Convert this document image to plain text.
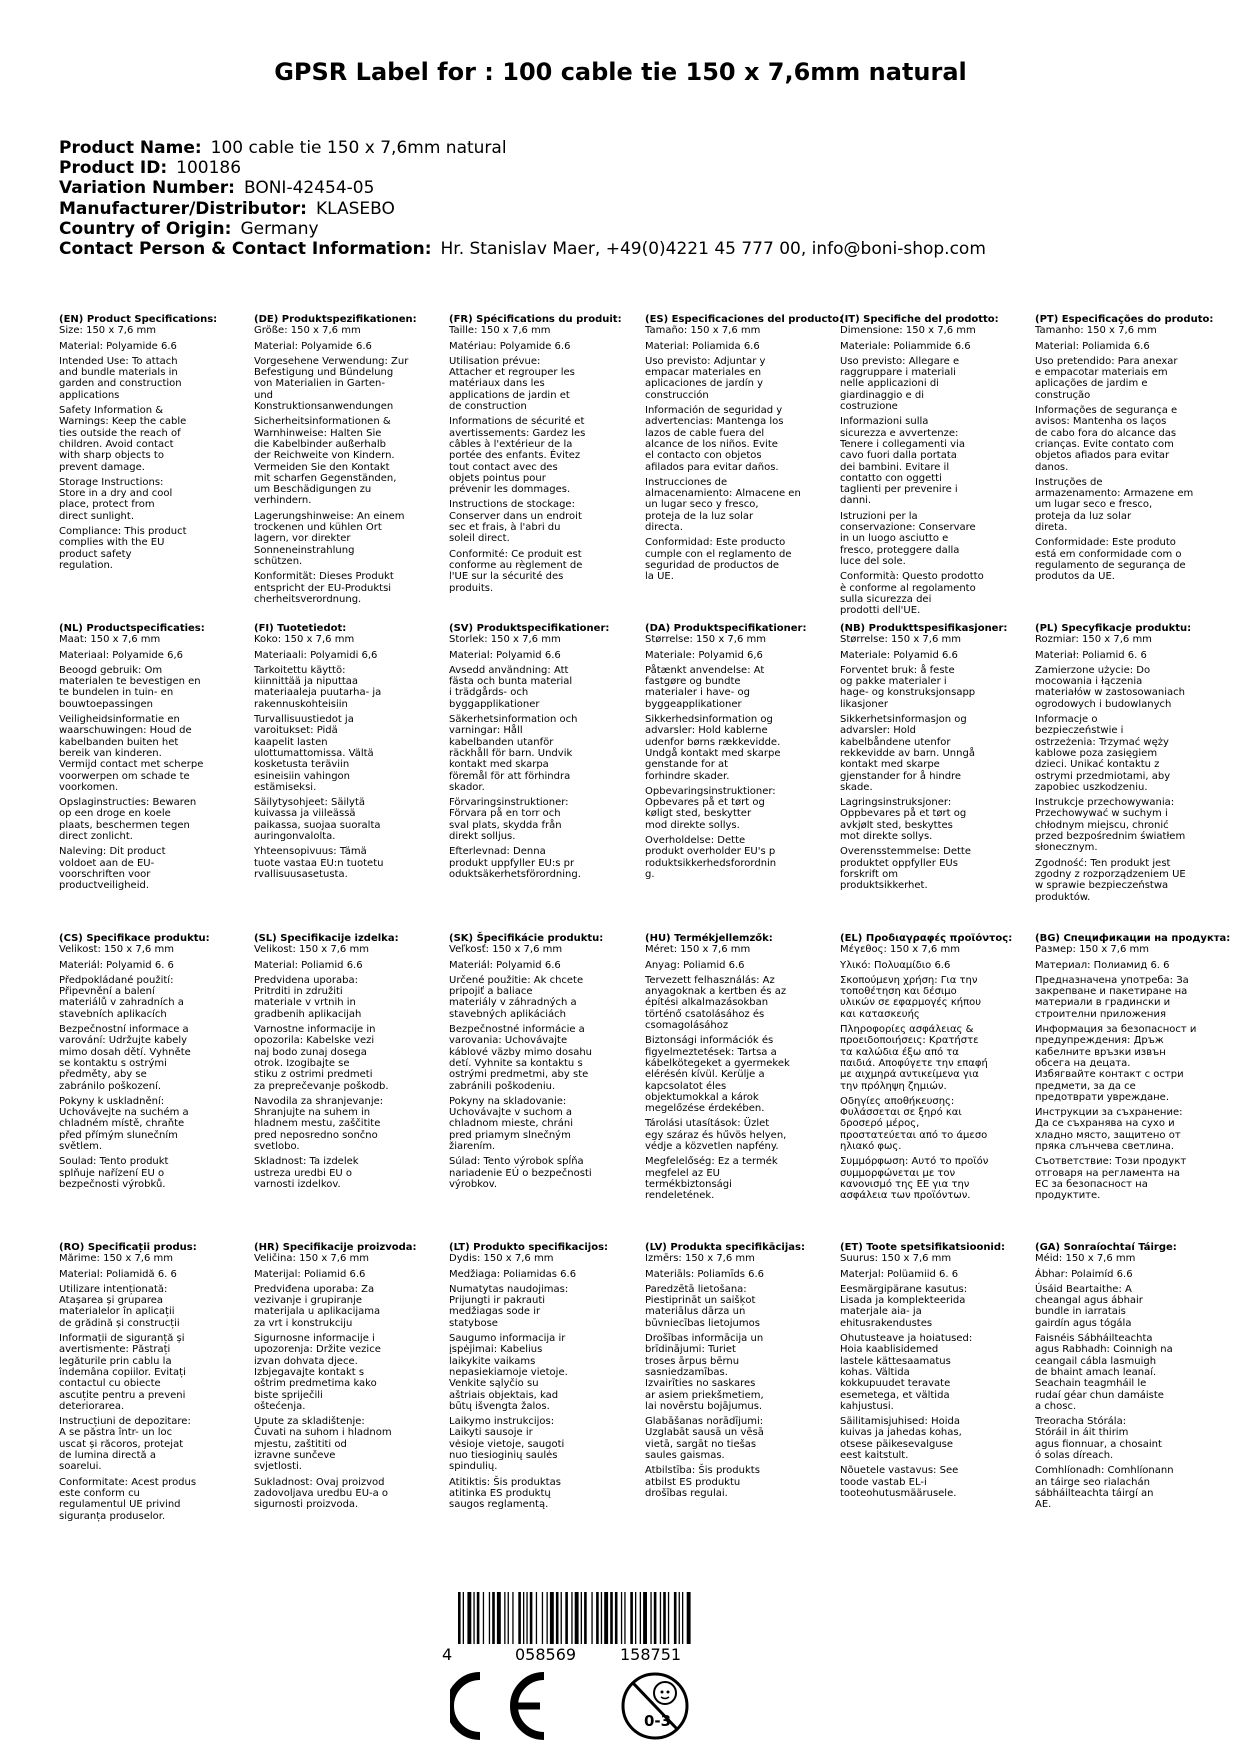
GPSR Label for : 100 cable tie 150 x 7,6mm natural
Product Name: 100 cable tie 150 x 7,6mm natural
Product ID: 100186
Variation Number: BONI-42454-05
Manufacturer/Distributor: KLASEBO
Country of Origin: Germany
Contact Person & Contact Information: Hr. Stanislav Maer, +49(0)4221 45 777 00, info@boni-shop.com
(EN) Product Specifications:
Size: 150 x 7,6 mm

Material: Polyamide 6.6

Intended Use: To attach
and bundle materials in
garden and construction
applications

Safety Information &
Warnings: Keep the cable
ties outside the reach of
children. Avoid contact
with sharp objects to
prevent damage.

Storage Instructions:
Store in a dry and cool
place, protect from
direct sunlight.

Compliance: This product
complies with the EU
product safety
regulation.

(DE) Produktspezifikationen:
Größe: 150 x 7,6 mm

Material: Polyamide 6.6

Vorgesehene Verwendung: Zur
Befestigung und Bündelung
von Materialien in Garten-
und
Konstruktionsanwendungen

Sicherheitsinformationen &
Warnhinweise: Halten Sie
die Kabelbinder außerhalb
der Reichweite von Kindern.
Vermeiden Sie den Kontakt
mit scharfen Gegenständen,
um Beschädigungen zu
verhindern.

Lagerungshinweise: An einem
trockenen und kühlen Ort
lagern, vor direkter
Sonneneinstrahlung
schützen.

Konformität: Dieses Produkt
entspricht der EU-Produktsi
cherheitsverordnung.

(FR) Spécifications du produit:
Taille: 150 x 7,6 mm

Matériau: Polyamide 6.6

Utilisation prévue:
Attacher et regrouper les
matériaux dans les
applications de jardin et
de construction

Informations de sécurité et
avertissements: Gardez les
câbles à l'extérieur de la
portée des enfants. Évitez
tout contact avec des
objets pointus pour
prévenir les dommages.

Instructions de stockage:
Conserver dans un endroit
sec et frais, à l'abri du
soleil direct.

Conformité: Ce produit est
conforme au règlement de
l'UE sur la sécurité des
produits.

(ES) Especificaciones del producto:
Tamaño: 150 x 7,6 mm

Material: Poliamida 6.6

Uso previsto: Adjuntar y
empacar materiales en
aplicaciones de jardín y
construcción

Información de seguridad y
advertencias: Mantenga los
lazos de cable fuera del
alcance de los niños. Evite
el contacto con objetos
afilados para evitar daños.

Instrucciones de
almacenamiento: Almacene en
un lugar seco y fresco,
proteja de la luz solar
directa.

Conformidad: Este producto
cumple con el reglamento de
seguridad de productos de
la UE.

(IT) Specifiche del prodotto:
Dimensione: 150 x 7,6 mm

Materiale: Poliammide 6.6

Uso previsto: Allegare e
raggruppare i materiali
nelle applicazioni di
giardinaggio e di
costruzione

Informazioni sulla
sicurezza e avvertenze:
Tenere i collegamenti via
cavo fuori dalla portata
dei bambini. Evitare il
contatto con oggetti
taglienti per prevenire i
danni.

Istruzioni per la
conservazione: Conservare
in un luogo asciutto e
fresco, proteggere dalla
luce del sole.

Conformità: Questo prodotto
è conforme al regolamento
sulla sicurezza dei
prodotti dell'UE.

(PT) Especificações do produto:
Tamanho: 150 x 7,6 mm

Material: Poliamida 6.6

Uso pretendido: Para anexar
e empacotar materiais em
aplicações de jardim e
construção

Informações de segurança e
avisos: Mantenha os laços
de cabo fora do alcance das
crianças. Evite contato com
objetos afiados para evitar
danos.

Instruções de
armazenamento: Armazene em
um lugar seco e fresco,
proteja da luz solar
direta.

Conformidade: Este produto
está em conformidade com o
regulamento de segurança de
produtos da UE.

(NL) Productspecificaties:
Maat: 150 x 7,6 mm

Materiaal: Polyamide 6,6

Beoogd gebruik: Om
materialen te bevestigen en
te bundelen in tuin- en
bouwtoepassingen

Veiligheidsinformatie en
waarschuwingen: Houd de
kabelbanden buiten het
bereik van kinderen.
Vermijd contact met scherpe
voorwerpen om schade te
voorkomen.

Opslaginstructies: Bewaren
op een droge en koele
plaats, beschermen tegen
direct zonlicht.

Naleving: Dit product
voldoet aan de EU-
voorschriften voor
productveiligheid.

(FI) Tuotetiedot:
Koko: 150 x 7,6 mm

Materiaali: Polyamidi 6,6

Tarkoitettu käyttö:
kiinnittää ja niputtaa
materiaaleja puutarha- ja
rakennuskohteisiin

Turvallisuustiedot ja
varoitukset: Pidä
kaapelit lasten
ulottumattomissa. Vältä
kosketusta teräviin
esineisiin vahingon
estämiseksi.

Säilytysohjeet: Säilytä
kuivassa ja viileässä
paikassa, suojaa suoralta
auringonvalolta.

Yhteensopivuus: Tämä
tuote vastaa EU:n tuotetu
rvallisuusasetusta.

(SV) Produktspecifikationer:
Storlek: 150 x 7,6 mm

Material: Polyamid 6.6

Avsedd användning: Att
fästa och bunta material
i trädgårds- och
byggapplikationer

Säkerhetsinformation och
varningar: Håll
kabelbanden utanför
räckhåll för barn. Undvik
kontakt med skarpa
föremål för att förhindra
skador.

Förvaringsinstruktioner:
Förvara på en torr och
sval plats, skydda från
direkt solljus.

Efterlevnad: Denna
produkt uppfyller EU:s pr
oduktsäkerhetsförordning.

(DA) Produktspecifikationer:
Størrelse: 150 x 7,6 mm

Materiale: Polyamid 6,6

Påtænkt anvendelse: At
fastgøre og bundte
materialer i have- og
byggeapplikationer

Sikkerhedsinformation og
advarsler: Hold kablerne
udenfor børns rækkevidde.
Undgå kontakt med skarpe
genstande for at
forhindre skader.

Opbevaringsinstruktioner:
Opbevares på et tørt og
køligt sted, beskytter
mod direkte sollys.

Overholdelse: Dette
produkt overholder EU's p
roduktsikkerhedsforordnin
g.

(NB) Produkttspesifikasjoner:
Størrelse: 150 x 7,6 mm

Materiale: Polyamid 6.6

Forventet bruk: å feste
og pakke materialer i
hage- og konstruksjonsapp
likasjoner

Sikkerhetsinformasjon og
advarsler: Hold
kabelbåndene utenfor
rekkevidde av barn. Unngå
kontakt med skarpe
gjenstander for å hindre
skade.

Lagringsinstruksjoner:
Oppbevares på et tørt og
avkjølt sted, beskyttes
mot direkte sollys.

Overensstemmelse: Dette
produktet oppfyller EUs
forskrift om
produktsikkerhet.

(PL) Specyfikacje produktu:
Rozmiar: 150 x 7,6 mm

Materiał: Poliamid 6. 6

Zamierzone użycie: Do
mocowania i łączenia
materiałów w zastosowaniach
ogrodowych i budowlanych

Informacje o
bezpieczeństwie i
ostrzeżenia: Trzymać węży
kablowe poza zasięgiem
dzieci. Unikać kontaktu z
ostrymi przedmiotami, aby
zapobiec uszkodzeniu.

Instrukcje przechowywania:
Przechowywać w suchym i
chłodnym miejscu, chronić
przed bezpośrednim światłem
słonecznym.

Zgodność: Ten produkt jest
zgodny z rozporządzeniem UE
w sprawie bezpieczeństwa
produktów.

(CS) Specifikace produktu:
Velikost: 150 x 7,6 mm

Materiál: Polyamid 6. 6

Předpokládané použití:
Připevnění a balení
materiálů v zahradních a
stavebních aplikacích

Bezpečnostní informace a
varování: Udržujte kabely
mimo dosah dětí. Vyhněte
se kontaktu s ostrými
předměty, aby se
zabránilo poškození.

Pokyny k uskladnění:
Uchovávejte na suchém a
chladném místě, chraňte
před přímým slunečním
světlem.

Soulad: Tento produkt
splňuje nařízení EU o
bezpečnosti výrobků.

(SL) Specifikacije izdelka:
Velikost: 150 x 7,6 mm

Material: Poliamid 6.6

Predvidena uporaba:
Pritrditi in združiti
materiale v vrtnih in
gradbenih aplikacijah

Varnostne informacije in
opozorila: Kabelske vezi
naj bodo zunaj dosega
otrok. Izogibajte se
stiku z ostrimi predmeti
za preprečevanje poškodb.

Navodila za shranjevanje:
Shranjujte na suhem in
hladnem mestu, zaščitite
pred neposredno sončno
svetlobo.

Skladnost: Ta izdelek
ustreza uredbi EU o
varnosti izdelkov.

(SK) Špecifikácie produktu:
Veľkosť: 150 x 7,6 mm

Materiál: Polyamid 6.6

Určené použitie: Ak chcete
pripojiť a baliace
materiály v záhradných a
stavebných aplikáciách

Bezpečnostné informácie a
varovania: Uchovávajte
káblové väzby mimo dosahu
detí. Vyhnite sa kontaktu s
ostrými predmetmi, aby ste
zabránili poškodeniu.

Pokyny na skladovanie:
Uchovávajte v suchom a
chladnom mieste, chráni
pred priamym slnečným
žiarením.

Súlad: Tento výrobok spĺňa
nariadenie EÚ o bezpečnosti
výrobkov.

(HU) Termékjellemzők:
Méret: 150 x 7,6 mm

Anyag: Poliamid 6.6

Tervezett felhasználás: Az
anyagoknak a kertben és az
építési alkalmazásokban
történő csatolásához és
csomagolásához

Biztonsági információk és
figyelmeztetések: Tartsa a
kábelkötegeket a gyermekek
elérésén kívül. Kerülje a
kapcsolatot éles
objektumokkal a károk
megelőzése érdekében.

Tárolási utasítások: Üzlet
egy száraz és hűvös helyen,
védje a közvetlen napfény.

Megfelelőség: Ez a termék
megfelel az EU
termékbiztonsági
rendeletének.

(EL) Προδιαγραφές προϊόντος:
Μέγεθος: 150 x 7,6 mm

Υλικό: Πολυαμίδιο 6.6

Σκοπούμενη χρήση: Για την
τοποθέτηση και δέσιμο
υλικών σε εφαρμογές κήπου
και κατασκευής

Πληροφορίες ασφάλειας &
προειδοποιήσεις: Κρατήστε
τα καλώδια έξω από τα
παιδιά. Αποφύγετε την επαφή
με αιχμηρά αντικείμενα για
την πρόληψη ζημιών.

Οδηγίες αποθήκευσης:
Φυλάσσεται σε ξηρό και
δροσερό μέρος,
προστατεύεται από το άμεσο
ηλιακό φως.

Συμμόρφωση: Αυτό το προϊόν
συμμορφώνεται με τον
κανονισμό της ΕΕ για την
ασφάλεια των προϊόντων.

(BG) Спецификации на продукта:
Размер: 150 x 7,6 mm

Материал: Полиамид 6. 6

Предназначена употреба: За
закрепване и пакетиране на
материали в градински и
строителни приложения

Информация за безопасност и
предупреждения: Дръж
кабелните връзки извън
обсега на децата.
Избягвайте контакт с остри
предмети, за да се
предотврати увреждане.

Инструкции за съхранение:
Да се съхранява на сухо и
хладно място, защитено от
пряка слънчева светлина.

Съответствие: Този продукт
отговаря на регламента на
ЕС за безопасност на
продуктите.

(RO) Specificații produs:
Mărime: 150 x 7,6 mm

Material: Poliamidă 6. 6

Utilizare intenționată:
Atașarea și gruparea
materialelor în aplicații
de grădină și construcții

Informații de siguranță și
avertismente: Păstrați
legăturile prin cablu la
îndemâna copiilor. Evitați
contactul cu obiecte
ascuțite pentru a preveni
deteriorarea.

Instrucțiuni de depozitare:
A se păstra într- un loc
uscat și răcoros, protejat
de lumina directă a
soarelui.

Conformitate: Acest produs
este conform cu
regulamentul UE privind
siguranța produselor.

(HR) Specifikacije proizvoda:
Veličina: 150 x 7,6 mm

Materijal: Poliamid 6.6

Predviđena uporaba: Za
vezivanje i grupiranje
materijala u aplikacijama
za vrt i konstrukciju

Sigurnosne informacije i
upozorenja: Držite vezice
izvan dohvata djece.
Izbjegavajte kontakt s
oštrim predmetima kako
biste spriječili
oštećenja.

Upute za skladištenje:
Čuvati na suhom i hladnom
mjestu, zaštititi od
izravne sunčeve
svjetlosti.

Sukladnost: Ovaj proizvod
zadovoljava uredbu EU-a o
sigurnosti proizvoda.

(LT) Produkto specifikacijos:
Dydis: 150 x 7,6 mm

Medžiaga: Poliamidas 6.6

Numatytas naudojimas:
Prijungti ir pakrauti
medžiagas sode ir
statybose

Saugumo informacija ir
įspėjimai: Kabelius
laikykite vaikams
nepasiekiamoje vietoje.
Venkite sąlyčio su
aštriais objektais, kad
būtų išvengta žalos.

Laikymo instrukcijos:
Laikyti sausoje ir
vėsioje vietoje, saugoti
nuo tiesioginių saulės
spindulių.

Atitiktis: Šis produktas
atitinka ES produktų
saugos reglamentą.

(LV) Produkta specifikācijas:
Izmērs: 150 x 7,6 mm

Materiāls: Poliamīds 6.6

Paredzētā lietošana:
Piestiprināt un saišķot
materiālus dārza un
būvniecības lietojumos

Drošības informācija un
brīdinājumi: Turiet
troses ārpus bērnu
sasniedzamības.
Izvairīties no saskares
ar asiem priekšmetiem,
lai novērstu bojājumus.

Glabāšanas norādījumi:
Uzglabāt sausā un vēsā
vietā, sargāt no tiešas
saules gaismas.

Atbilstība: Šis produkts
atbilst ES produktu
drošības regulai.

(ET) Toote spetsifikatsioonid:
Suurus: 150 x 7,6 mm

Materjal: Polüamiid 6. 6

Eesmärgipärane kasutus:
Lisada ja komplekteerida
materjale aia- ja
ehitusrakendustes

Ohutusteave ja hoiatused:
Hoia kaablisidemed
lastele kättesaamatus
kohas. Vältida
kokkupuudet teravate
esemetega, et vältida
kahjustusi.

Säilitamisjuhised: Hoida
kuivas ja jahedas kohas,
otsese päikesevalguse
eest kaitstult.

Nõuetele vastavus: See
toode vastab EL-i
tooteohutusmäärusele.

(GA) Sonraíochtaí Táirge:
Méid: 150 x 7,6 mm

Ábhar: Polaimíd 6.6

Úsáid Beartaithe: A
cheangal agus ábhair
bundle in iarratais
gairdín agus tógála

Faisnéis Sábháilteachta
agus Rabhadh: Coinnigh na
ceangail cábla lasmuigh
de bhaint amach leanaí.
Seachain teagmháil le
rudaí géar chun damáiste
a chosc.

Treoracha Stórála:
Stóráil in áit thirim
agus fionnuar, a chosaint
ó solas díreach.

Comhlíonadh: Comhlíonann
an táirge seo rialachán
sábháilteachta táirgí an
AE.

4	058569	158751
0-3
